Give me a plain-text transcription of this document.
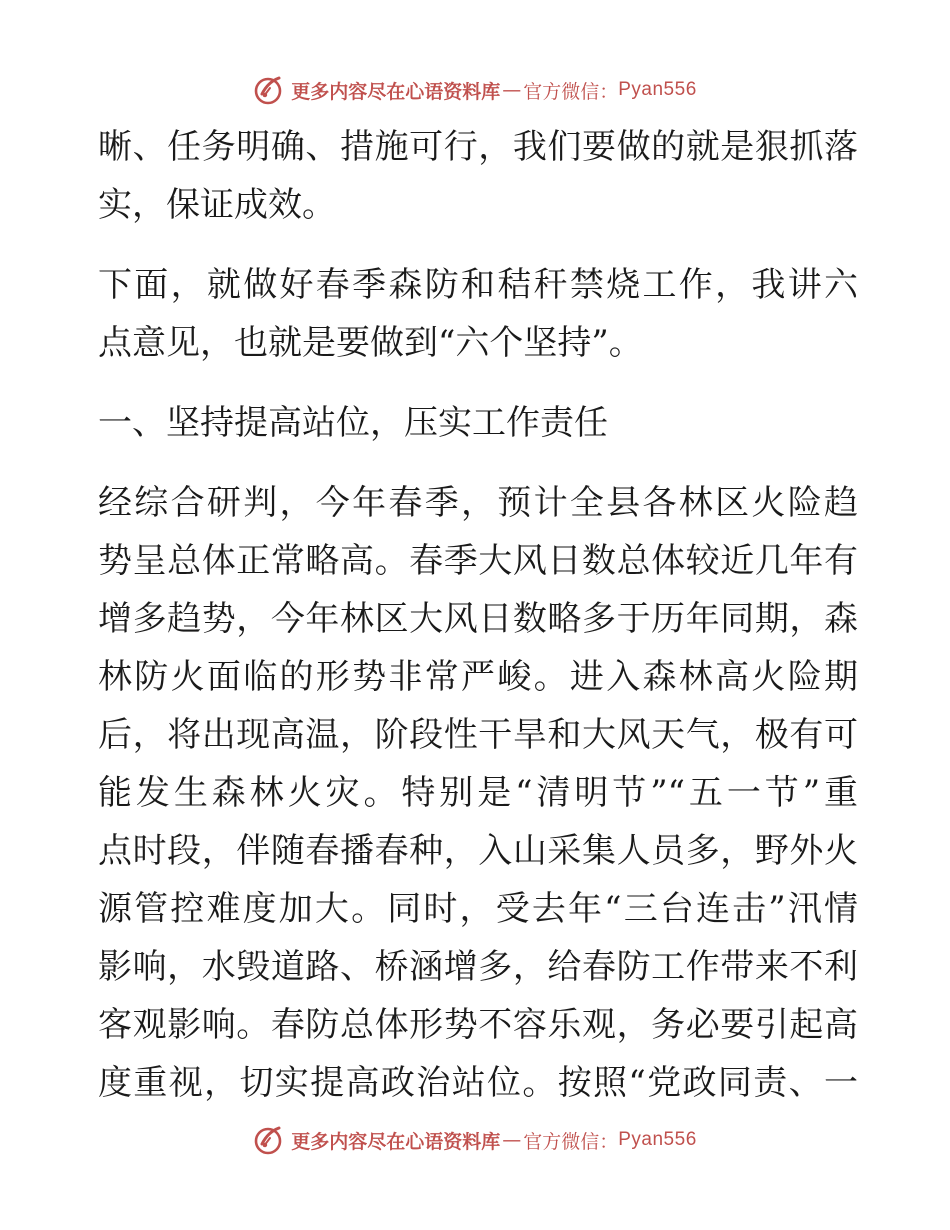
更多内容尽在心语资料库 — 官方微信： Pyan556
晰、任务明确、措施可行，我们要做的就是狠抓落
实，保证成效。
下面，就做好春季森防和秸秆禁烧工作，我讲六
点意见，也就是要做到“六个坚持”。
一、坚持提高站位，压实工作责任
经综合研判，今年春季，预计全县各林区火险趋
势呈总体正常略高。春季大风日数总体较近几年有
增多趋势，今年林区大风日数略多于历年同期，森
林防火面临的形势非常严峻。进入森林高火险期
后，将出现高温，阶段性干旱和大风天气，极有可
能发生森林火灾。特别是“清明节”“五一节”重
点时段，伴随春播春种，入山采集人员多，野外火
源管控难度加大。同时，受去年“三台连击”汛情
影响，水毁道路、桥涵增多，给春防工作带来不利
客观影响。春防总体形势不容乐观，务必要引起高
度重视，切实提高政治站位。按照“党政同责、一
更多内容尽在心语资料库 — 官方微信： Pyan556
